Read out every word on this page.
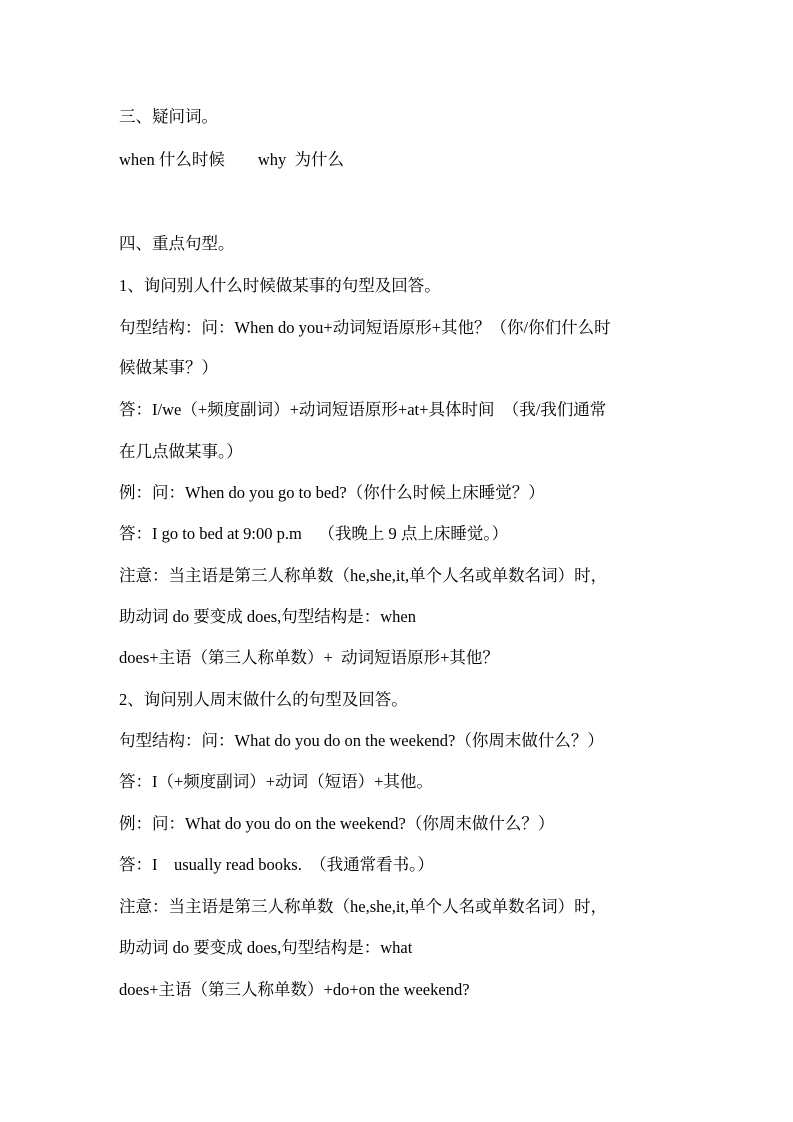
三、疑问词。
when 什么时候        why  为什么
四、重点句型。
1、询问别人什么时候做某事的句型及回答。
句型结构：问：When do you+动词短语原形+其他？（你/你们什么时
候做某事？）
答：I/we（+频度副词）+动词短语原形+at+具体时间  （我/我们通常
在几点做某事。）
例：问：When do you go to bed?（你什么时候上床睡觉？）
答：I go to bed at 9:00 p.m    （我晚上 9 点上床睡觉。）
注意：当主语是第三人称单数（he,she,it,单个人名或单数名词）时，
助动词 do 要变成 does,句型结构是：when
does+主语（第三人称单数）+  动词短语原形+其他？
2、询问别人周末做什么的句型及回答。
句型结构：问：What do you do on the weekend?（你周末做什么？）
答：I（+频度副词）+动词（短语）+其他。
例：问：What do you do on the weekend?（你周末做什么？）
答：I    usually read books.  （我通常看书。）
注意：当主语是第三人称单数（he,she,it,单个人名或单数名词）时，
助动词 do 要变成 does,句型结构是：what
does+主语（第三人称单数）+do+on the weekend?
